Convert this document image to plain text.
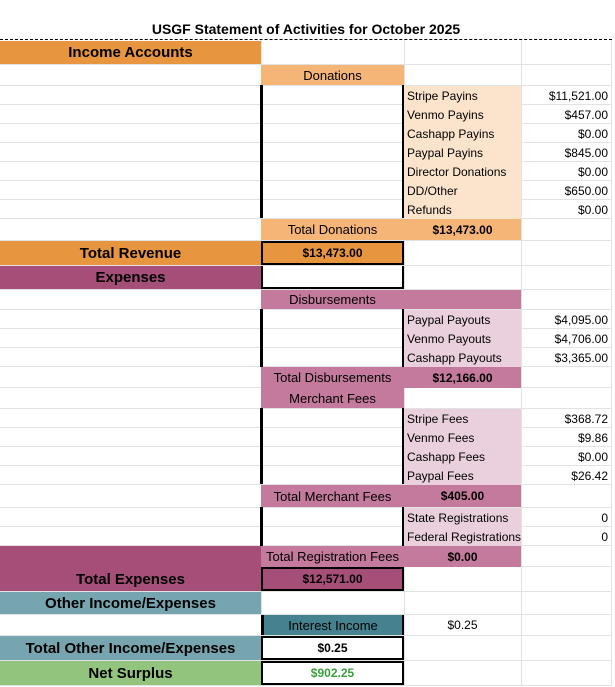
USGF Statement of Activities for October 2025
Income Accounts
Donations
Stripe Payins	$11,521.00
Venmo Payins	$457.00
Cashapp Payins	$0.00
Paypal Payins	$845.00
Director Donations	$0.00
DD/Other	$650.00
Refunds	$0.00
Total Donations	$13,473.00
Total Revenue	$13,473.00
Expenses
Disbursements
Paypal Payouts	$4,095.00
Venmo Payouts	$4,706.00
Cashapp Payouts	$3,365.00
Total Disbursements	$12,166.00
Merchant Fees
Stripe Fees	$368.72
Venmo Fees	$9.86
Cashapp Fees	$0.00
Paypal Fees	$26.42
Total Merchant Fees	$405.00
State Registrations	0
Federal Registrations	0
Total Registration Fees	$0.00
Total Expenses	$12,571.00
Other Income/Expenses
Interest Income	$0.25
Total Other Income/Expenses	$0.25
Net Surplus	$902.25
